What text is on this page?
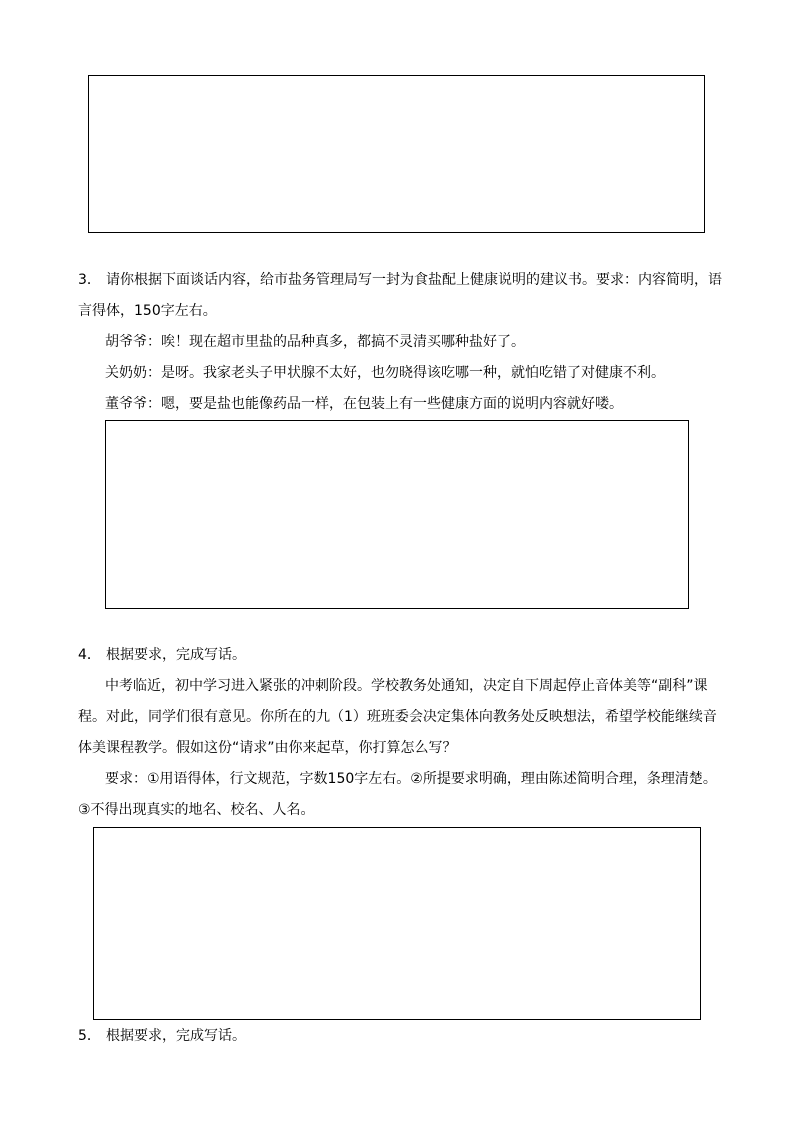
3． 请你根据下面谈话内容，给市盐务管理局写一封为食盐配上健康说明的建议书。要求：内容简明，语
言得体，150字左右。
胡爷爷：唉！现在超市里盐的品种真多，都搞不灵清买哪种盐好了。
关奶奶：是呀。我家老头子甲状腺不太好，也勿晓得该吃哪一种，就怕吃错了对健康不利。
董爷爷：嗯，要是盐也能像药品一样，在包装上有一些健康方面的说明内容就好喽。
4． 根据要求，完成写话。
中考临近，初中学习进入紧张的冲刺阶段。学校教务处通知，决定自下周起停止音体美等“副科”课
程。对此，同学们很有意见。你所在的九（1）班班委会决定集体向教务处反映想法，希望学校能继续音
体美课程教学。假如这份“请求”由你来起草，你打算怎么写？
要求：①用语得体，行文规范，字数150字左右。②所提要求明确，理由陈述简明合理，条理清楚。
③不得出现真实的地名、校名、人名。
5． 根据要求，完成写话。
